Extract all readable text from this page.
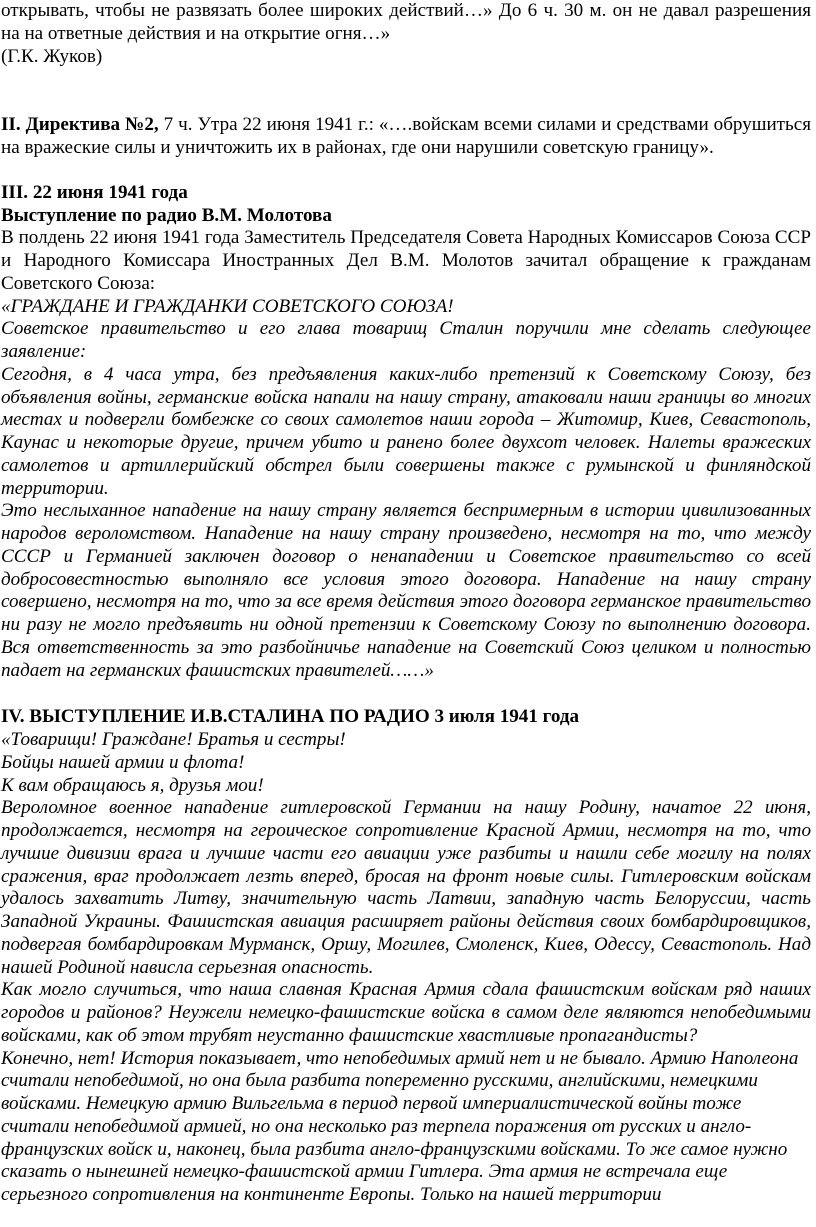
открывать, чтобы не развязать более широких действий…» До 6 ч. 30 м. он не давал разрешения на на ответные действия и на открытие огня…»

(Г.К. Жуков)

II. Директива №2, 7 ч. Утра 22 июня 1941 г.: «….войскам всеми силами и средствами обрушиться на вражеские силы и уничтожить их в районах, где они нарушили советскую границу».

III. 22 июня 1941 года

Выступление по радио В.М. Молотова

В полдень 22 июня 1941 года Заместитель Председателя Совета Народных Комиссаров Союза ССР и Народного Комиссара Иностранных Дел В.М. Молотов зачитал обращение к гражданам Советского Союза:

«ГРАЖДАНЕ И ГРАЖДАНКИ СОВЕТСКОГО СОЮЗА!

Советское правительство и его глава товарищ Сталин поручили мне сделать следующее заявление:

Сегодня, в 4 часа утра, без предъявления каких-либо претензий к Советскому Союзу, без объявления войны, германские войска напали на нашу страну, атаковали наши границы во многих местах и подвергли бомбежке со своих самолетов наши города – Житомир, Киев, Севастополь, Каунас и некоторые другие, причем убито и ранено более двухсот человек. Налеты вражеских самолетов и артиллерийский обстрел были совершены также с румынской и финляндской территории.

Это неслыханное нападение на нашу страну является беспримерным в истории цивилизованных народов вероломством. Нападение на нашу страну произведено, несмотря на то, что между СССР и Германией заключен договор о ненападении и Советское правительство со всей добросовестностью выполняло все условия этого договора. Нападение на нашу страну совершено, несмотря на то, что за все время действия этого договора германское правительство ни разу не могло предъявить ни одной претензии к Советскому Союзу по выполнению договора. Вся ответственность за это разбойничье нападение на Советский Союз целиком и полностью падает на германских фашистских правителей……»

IV. ВЫСТУПЛЕНИЕ И.В.СТАЛИНА ПО РАДИО 3 июля 1941 года

«Товарищи! Граждане! Братья и сестры!

Бойцы нашей армии и флота!

К вам обращаюсь я, друзья мои!

Вероломное военное нападение гитлеровской Германии на нашу Родину, начатое 22 июня, продолжается, несмотря на героическое сопротивление Красной Армии, несмотря на то, что лучшие дивизии врага и лучшие части его авиации уже разбиты и нашли себе могилу на полях сражения, враг продолжает лезть вперед, бросая на фронт новые силы. Гитлеровским войскам удалось захватить Литву, значительную часть Латвии, западную часть Белоруссии, часть Западной Украины. Фашистская авиация расширяет районы действия своих бомбардировщиков, подвергая бомбардировкам Мурманск, Оршу, Могилев, Смоленск, Киев, Одессу, Севастополь. Над нашей Родиной нависла серьезная опасность.

Как могло случиться, что наша славная Красная Армия сдала фашистским войскам ряд наших городов и районов? Неужели немецко-фашистские войска в самом деле являются непобедимыми войсками, как об этом трубят неустанно фашистские хвастливые пропагандисты?

Конечно, нет! История показывает, что непобедимых армий нет и не бывало. Армию Наполеона считали непобедимой, но она была разбита попеременно русскими, английскими, немецкими войсками. Немецкую армию Вильгельма в период первой империалистической войны тоже считали непобедимой армией, но она несколько раз терпела поражения от русских и англо-французских войск и, наконец, была разбита англо-французскими войсками. То же самое нужно сказать о нынешней немецко-фашистской армии Гитлера. Эта армия не встречала еще серьезного сопротивления на континенте Европы. Только на нашей территории
